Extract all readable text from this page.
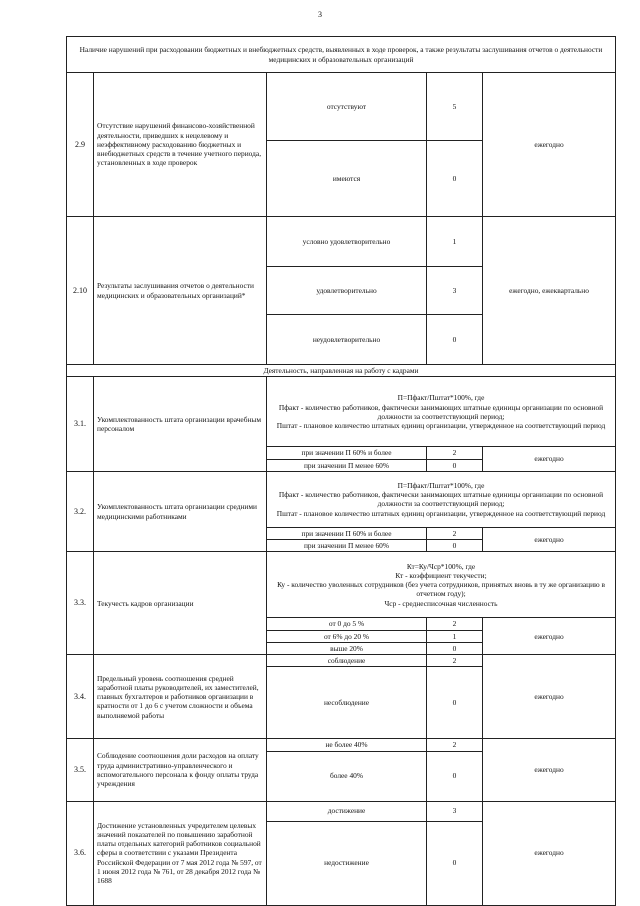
3
Наличие нарушений при расходовании бюджетных и внебюджетных средств, выявленных в ходе проверок, а также результаты заслушивания отчетов о деятельности медицинских и образовательных организаций				
2.9	Отсутствие нарушений финансово-хозяйственной деятельности, приведших к нецелевому и неэффективному расходованию бюджетных и внебюджетных средств в течение учетного периода, установленных в ходе проверок	отсутствуют	5	ежегодно
		имеются	0	
2.10	Результаты заслушивания отчетов о деятельности медицинских и образовательных организаций*	условно удовлетворительно	1	ежегодно, ежеквартально
		удовлетворительно	3	
		неудовлетворительно	0	
Деятельность, направленная на работу с кадрами				
3.1.	Укомплектованность штата организации врачебным персоналом	П=Пфакт/Пштат*100%, где
Пфакт - количество работников, фактически занимающих штатные единицы организации по основной должности за соответствующий период;
Пштат - плановое количество штатных единиц организации, утвержденное на соответствующий период		

		при значении П 60% и более	2	ежегодно
		при значении П менее 60%	0	
3.2.	Укомплектованность штата организации средними медицинскими работниками	П=Пфакт/Пштат*100%, где
Пфакт - количество работников, фактически занимающих штатные единицы организации по основной должности за соответствующий период;
Пштат - плановое количество штатных единиц организации, утвержденное на соответствующий период		

		при значении П 60% и более	2	ежегодно
		при значении П менее 60%	0	
3.3.	Текучесть кадров организации	Кт=Ку/Чср*100%, где
Кт - коэффициент текучести;
Ку - количество уволенных сотрудников (без учета сотрудников, принятых вновь в ту же организацию в отчетном году);
Чср - среднесписочная численность		

		от 0 до 5 %	2	ежегодно
		от 6% до 20 %	1	
		выше 20%	0	
3.4.	Предельный уровень соотношения средней заработной платы руководителей, их заместителей, главных бухгалтеров и работников организации в кратности от 1 до 6 с учетом сложности и объема выполняемой работы	соблюдение	2	ежегодно
		несоблюдение	0	
3.5.	Соблюдение соотношения доли расходов на оплату труда административно-управленческого и вспомогательного персонала к фонду оплаты труда учреждения	не более 40%	2	ежегодно
		более 40%	0	
3.6.	Достижение установленных учредителем целевых значений показателей по повышению заработной платы отдельных категорий работников социальной сферы в соответствии с указами Президента Российской Федерации от 7 мая 2012 года № 597, от 1 июня 2012 года № 761, от 28 декабря 2012 года № 1688	достижение	3	ежегодно
		недостижение	0	
